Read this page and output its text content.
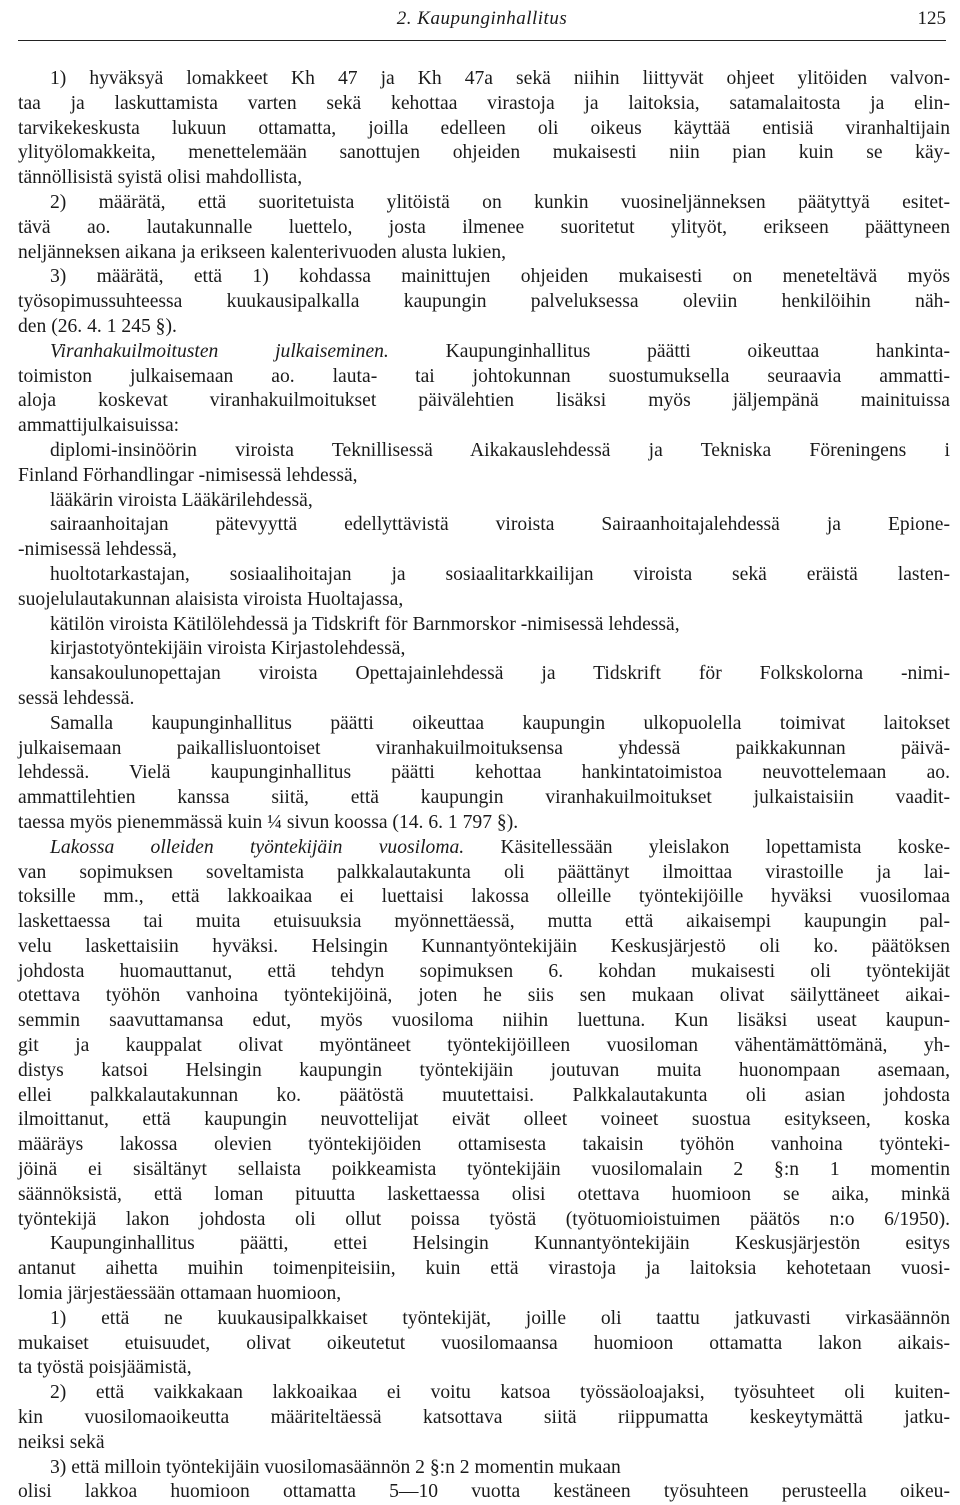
2. Kaupunginhallitus	125
1) hyväksyä lomakkeet Kh 47 ja Kh 47a sekä niihin liittyvät ohjeet ylitöiden valvon-
taa ja laskuttamista varten sekä kehottaa virastoja ja laitoksia, satamalaitosta ja elin-
tarvikekeskusta lukuun ottamatta, joilla edelleen oli oikeus käyttää entisiä viranhaltijain
ylityölomakkeita, menettelemään sanottujen ohjeiden mukaisesti niin pian kuin se käy-
tännöllisistä syistä olisi mahdollista,
2) määrätä, että suoritetuista ylitöistä on kunkin vuosineljänneksen päätyttyä esitet-
tävä ao. lautakunnalle luettelo, josta ilmenee suoritetut ylityöt, erikseen päättyneen
neljänneksen aikana ja erikseen kalenterivuoden alusta lukien,
3) määrätä, että 1) kohdassa mainittujen ohjeiden mukaisesti on meneteltävä myös
työsopimussuhteessa kuukausipalkalla kaupungin palveluksessa oleviin henkilöihin näh-
den (26. 4. 1 245 §).
Viranhakuilmoitusten julkaiseminen. Kaupunginhallitus päätti oikeuttaa hankinta-
toimiston julkaisemaan ao. lauta- tai johtokunnan suostumuksella seuraavia ammatti-
aloja koskevat viranhakuilmoitukset päivälehtien lisäksi myös jäljempänä mainituissa
ammattijulkaisuissa:
diplomi-insinöörin viroista Teknillisessä Aikakauslehdessä ja Tekniska Föreningens i
Finland Förhandlingar -nimisessä lehdessä,
lääkärin viroista Lääkärilehdessä,
sairaanhoitajan pätevyyttä edellyttävistä viroista Sairaanhoitajalehdessä ja Epione-
-nimisessä lehdessä,
huoltotarkastajan, sosiaalihoitajan ja sosiaalitarkkailijan viroista sekä eräistä lasten-
suojelulautakunnan alaisista viroista Huoltajassa,
kätilön viroista Kätilölehdessä ja Tidskrift för Barnmorskor -nimisessä lehdessä,
kirjastotyöntekijäin viroista Kirjastolehdessä,
kansakoulunopettajan viroista Opettajainlehdessä ja Tidskrift för Folkskolorna -nimi-
sessä lehdessä.
Samalla kaupunginhallitus päätti oikeuttaa kaupungin ulkopuolella toimivat laitokset
julkaisemaan paikallisluontoiset viranhakuilmoituksensa yhdessä paikkakunnan päivä-
lehdessä. Vielä kaupunginhallitus päätti kehottaa hankintatoimistoa neuvottelemaan ao.
ammattilehtien kanssa siitä, että kaupungin viranhakuilmoitukset julkaistaisiin vaadit-
taessa myös pienemmässä kuin ¼ sivun koossa (14. 6. 1 797 §).
Lakossa olleiden työntekijäin vuosiloma. Käsitellessään yleislakon lopettamista koske-
van sopimuksen soveltamista palkkalautakunta oli päättänyt ilmoittaa virastoille ja lai-
toksille mm., että lakkoaikaa ei luettaisi lakossa olleille työntekijöille hyväksi vuosilomaa
laskettaessa tai muita etuisuuksia myönnettäessä, mutta että aikaisempi kaupungin pal-
velu laskettaisiin hyväksi. Helsingin Kunnantyöntekijäin Keskusjärjestö oli ko. päätöksen
johdosta huomauttanut, että tehdyn sopimuksen 6. kohdan mukaisesti oli työntekijät
otettava työhön vanhoina työntekijöinä, joten he siis sen mukaan olivat säilyttäneet aikai-
semmin saavuttamansa edut, myös vuosiloma niihin luettuna. Kun lisäksi useat kaupun-
git ja kauppalat olivat myöntäneet työntekijöilleen vuosiloman vähentämättömänä, yh-
distys katsoi Helsingin kaupungin työntekijäin joutuvan muita huonompaan asemaan,
ellei palkkalautakunnan ko. päätöstä muutettaisi. Palkkalautakunta oli asian johdosta
ilmoittanut, että kaupungin neuvottelijat eivät olleet voineet suostua esitykseen, koska
määräys lakossa olevien työntekijöiden ottamisesta takaisin työhön vanhoina työnteki-
jöinä ei sisältänyt sellaista poikkeamista työntekijäin vuosilomalain 2 §:n 1 momentin
säännöksistä, että loman pituutta laskettaessa olisi otettava huomioon se aika, minkä
työntekijä lakon johdosta oli ollut poissa työstä (työtuomioistuimen päätös n:o 6/1950).
Kaupunginhallitus päätti, ettei Helsingin Kunnantyöntekijäin Keskusjärjestön esitys
antanut aihetta muihin toimenpiteisiin, kuin että virastoja ja laitoksia kehotetaan vuosi-
lomia järjestäessään ottamaan huomioon,
1) että ne kuukausipalkkaiset työntekijät, joille oli taattu jatkuvasti virkasäännön
mukaiset etuisuudet, olivat oikeutetut vuosilomaansa huomioon ottamatta lakon aikais-
ta työstä poisjäämistä,
2) että vaikkakaan lakkoaikaa ei voitu katsoa työssäoloajaksi, työsuhteet oli kuiten-
kin vuosilomaoikeutta määriteltäessä katsottava siitä riippumatta keskeytymättä jatku-
neiksi sekä
3) että milloin työntekijäin vuosilomasäännön 2 §:n 2 momentin mukaan
olisi lakkoa huomioon ottamatta 5—10 vuotta kestäneen työsuhteen perusteella oikeu-
